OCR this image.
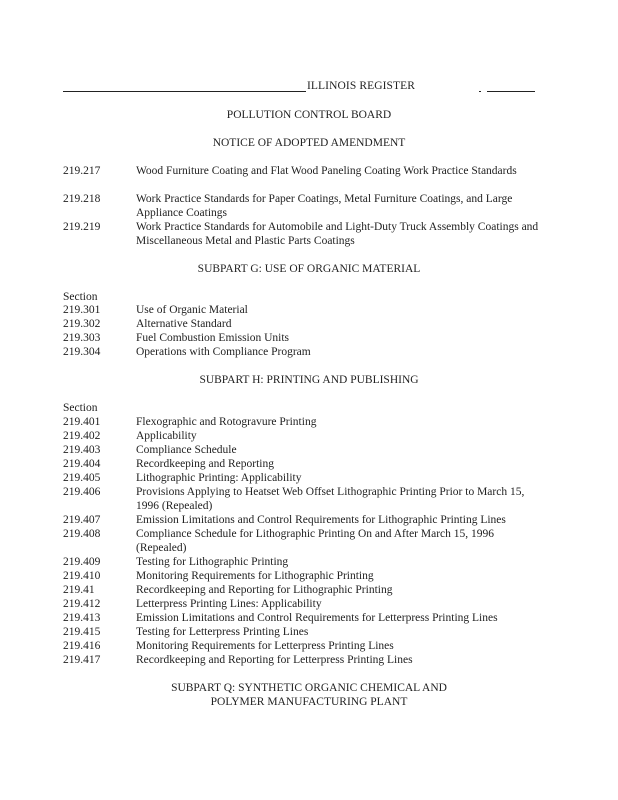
ILLINOIS REGISTER
POLLUTION CONTROL BOARD
NOTICE OF ADOPTED AMENDMENT
219.217	Wood Furniture Coating and Flat Wood Paneling Coating Work Practice Standards
219.218	Work Practice Standards for Paper Coatings, Metal Furniture Coatings, and Large Appliance Coatings
219.219	Work Practice Standards for Automobile and Light-Duty Truck Assembly Coatings and Miscellaneous Metal and Plastic Parts Coatings
SUBPART G: USE OF ORGANIC MATERIAL
Section
219.301	Use of Organic Material
219.302	Alternative Standard
219.303	Fuel Combustion Emission Units
219.304	Operations with Compliance Program
SUBPART H: PRINTING AND PUBLISHING
Section
219.401	Flexographic and Rotogravure Printing
219.402	Applicability
219.403	Compliance Schedule
219.404	Recordkeeping and Reporting
219.405	Lithographic Printing: Applicability
219.406	Provisions Applying to Heatset Web Offset Lithographic Printing Prior to March 15, 1996 (Repealed)
219.407	Emission Limitations and Control Requirements for Lithographic Printing Lines
219.408	Compliance Schedule for Lithographic Printing On and After March 15, 1996 (Repealed)
219.409	Testing for Lithographic Printing
219.410	Monitoring Requirements for Lithographic Printing
219.41	Recordkeeping and Reporting for Lithographic Printing
219.412	Letterpress Printing Lines: Applicability
219.413	Emission Limitations and Control Requirements for Letterpress Printing Lines
219.415	Testing for Letterpress Printing Lines
219.416	Monitoring Requirements for Letterpress Printing Lines
219.417	Recordkeeping and Reporting for Letterpress Printing Lines
SUBPART Q: SYNTHETIC ORGANIC CHEMICAL AND
POLYMER MANUFACTURING PLANT
